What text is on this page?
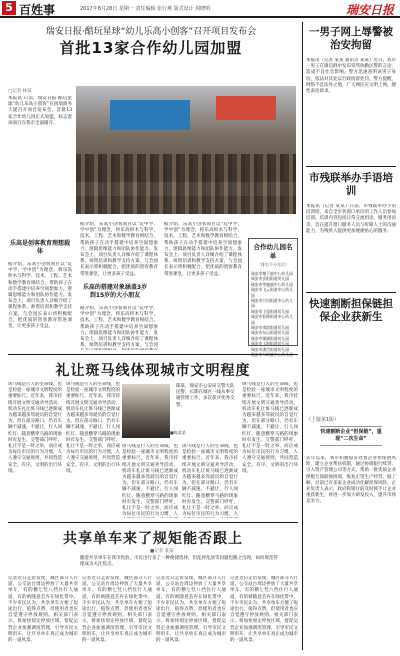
5 百姓事	2017年8月28日 星期一 责任编辑 张行燕 版式设计 周晓明	瑞安日报
瑞安日报·酷玩星球“幼儿乐高小创客”召开项目发布会
首批13家合作幼儿园加盟
□记者 林某
本报讯 日前，瑞安日报·酷玩星球“幼儿乐高小创客”在国瑞商务大厦召开项目发布会，首批13家合作幼儿园正式加盟，标志着该项目在我市全面铺开。
乐高是创客教育理想载体
据介绍，乐高小创客项目以“玩中学、学中创”为理念，将乐高积木与科学、技术、工程、艺术和数学教育相结合，帮助孩子在动手搭建中培养空间想象力、逻辑思维能力和团队协作能力。发布会上，项目负责人详细介绍了课程体系、师资培训和教学支持方案，与会园长表示将积极配合，把优质的创客教育带进课堂，让更多孩子受益。
据介绍，乐高小创客项目以“玩中学、学中创”为理念，将乐高积木与科学、技术、工程、艺术和数学教育相结合，帮助孩子在动手搭建中培养空间想象力、逻辑思维能力和团队协作能力。发布会上，项目负责人详细介绍了课程体系、师资培训和教学支持方案，与会园长表示将积极配合，把优质的创客教育带进课堂，让更多孩子受益。
乐高的搭建对象涵盖3岁到15岁的大小朋友
据介绍，乐高小创客项目以“玩中学、学中创”为理念，将乐高积木与科学、技术、工程、艺术和数学教育相结合，帮助孩子在动手搭建中培养空间想象力、逻辑思维能力和团队协作能力。发布会上，项目负责人详细介绍了课程体系、师资培训和教学支持方案，与会园
据介绍，乐高小创客项目以“玩中学、学中创”为理念，将乐高积木与科学、技术、工程、艺术和数学教育相结合，帮助孩子在动手搭建中培养空间想象力、逻辑思维能力和团队协作能力。发布会上，项目负责人详细介绍了课程体系、师资培训和教学支持方案，与会园长表示将积极配合，把优质的创客教育带进课堂，让更多孩子受益。
合作幼儿园名单
（排名不分先后）
瑞安市塘下镇中心幼儿园
瑞安市安阳街道幼儿园
瑞安市莘塍镇中心幼儿园
瑞安市飞云街道中心幼儿园
瑞安市汀田街道中心幼儿园
瑞安市上望街道幼儿园
瑞安市仙降街道中心幼儿园
瑞安市南滨街道幼儿园
瑞安市东山街道幼儿园
瑞安市锦湖街道幼儿园
瑞安市玉海街道幼儿园
瑞安市潘岱街道幼儿园
礼让斑马线体现城市文明程度
斑马线是行人的生命线，也是检验一座城市文明程度的重要标尺。近年来，我市持续开展文明交通劝导活动，机动车礼让斑马线已逐渐成为越来越多驾驶员的自觉行为。但在部分路口，仍有车辆不减速、不避让，行人闯红灯、随意横穿马路的现象时有发生。交警部门呼吁，礼让不是一时之举，而应成为每位市民的行为习惯，人人遵守交通规则，共同营造安全、有序、文明的出行环境。
斑马线是行人的生命线，也是检验一座城市文明程度的重要标尺。近年来，我市持续开展文明交通劝导活动，机动车礼让斑马线已逐渐成为越来越多驾驶员的自觉行为。但在部分路口，仍有车辆不减速、不避让，行人闯红灯、随意横穿马路的现象时有发生。交警部门呼吁，礼让不是一时之举，而应成为每位市民的行为习惯，人人遵守交通规则，共同营造安全、有序、文明的出行环境。
■陈某某
陈某，瑞安市公安局交警大队民警，长期在城区一线从事交通管理工作，多次获评优秀交警。
斑马线是行人的生命线，也是检验一座城市文明程度的重要标尺。近年来，我市持续开展文明交通劝导活动，机动车礼让斑马线已逐渐成为越来越多驾驶员的自觉行为。但在部分路口，仍有车辆不减速、不避让，行人闯红灯、随意横穿马路的现象时有发生。交警部门呼吁，礼让不是一时之举，而应成为每位市民的行为习惯，人
斑马线是行人的生命线，也是检验一座城市文明程度的重要标尺。近年来，我市持续开展文明交通劝导活动，机动车礼让斑马线已逐渐成为越来越多驾驶员的自觉行为。但在部分路口，仍有车辆不减速、不避让，行人闯红灯、随意横穿马路的现象时有发生。交警部门呼吁，礼让不是一时之举，而应成为每位市民的行为习惯，人
斑马线是行人的生命线，也是检验一座城市文明程度的重要标尺。近年来，我市持续开展文明交通劝导活动，机动车礼让斑马线已逐渐成为越来越多驾驶员的自觉行为。但在部分路口，仍有车辆不减速、不避让，行人闯红灯、随意横穿马路的现象时有发生。交警部门呼吁，礼让不是一时之举，而应成为每位市民的行为习惯，人人遵守交通规则，共同营造安全、有序、文明的出行环境。
共享单车来了规矩能否跟上
■记者 某某
随着共享单车在我市投放，市民出行多了一种便捷选择，但乱停乱放等问题也随之出现，如何规范管理成为关注焦点。
记者近日走访发现，城区部分人行道、公交站台周边停放了大量共享单车，有的横七竖八挡住行人通道，有的被随意丢弃在绿化带中。不少市民认为，共享单车方便了短途出行，值得点赞，但使用者也应自觉遵守停放规则。相关部门表示，将加快划定停放区域，督促运营企业加强调度管理，引导市民文明用车，让共享单车真正成为城市的一道风景。
记者近日走访发现，城区部分人行道、公交站台周边停放了大量共享单车，有的横七竖八挡住行人通道，有的被随意丢弃在绿化带中。不少市民认为，共享单车方便了短途出行，值得点赞，但使用者也应自觉遵守停放规则。相关部门表示，将加快划定停放区域，督促运营企业加强调度管理，引导市民文明用车，让共享单车真正成为城市的一道风景。
记者近日走访发现，城区部分人行道、公交站台周边停放了大量共享单车，有的横七竖八挡住行人通道，有的被随意丢弃在绿化带中。不少市民认为，共享单车方便了短途出行，值得点赞，但使用者也应自觉遵守停放规则。相关部门表示，将加快划定停放区域，督促运营企业加强调度管理，引导市民文明用车，让共享单车真正成为城市的一道风景。
记者近日走访发现，城区部分人行道、公交站台周边停放了大量共享单车，有的横七竖八挡住行人通道，有的被随意丢弃在绿化带中。不少市民认为，共享单车方便了短途出行，值得点赞，但使用者也应自觉遵守停放规则。相关部门表示，将加快划定停放区域，督促运营企业加强调度管理，引导市民文明用车，让共享单车真正成为城市的一道风景。
一男子网上辱警被治安拘留
本报讯（记者 某某 通讯员 某某）近日，我市一男子在微信群中发布辱骂执勤民警的言论，造成不良社会影响。警方迅速查明该男子身份，依法对其处以行政拘留处罚。警方提醒，网络不是法外之地，广大网民应文明上网，理性表达诉求。
市残联举办手语培训
本报讯（记者 某某）日前，市残联举办手语培训班，来自全市各窗口单位的工作人员参加培训。培训内容包括日常交流用语、服务用语等，旨在提升窗口服务人员与听障人士的沟通能力，为残疾人提供更加便捷贴心的服务。
快速割断担保链担保企业获新生
（上接第1版）
快速割断企业“担保链”，重现“二次生命”
去年以来，我市积极稳妥处置企业担保链风险，建立企业帮扶机制，通过协调银行续贷、引入资产管理公司等方式，帮助一批优质企业摆脱互保联保困境，恢复正常生产经营。据了解，目前已有多家企业成功化解担保风险，企业负责人表示，政府和银行的及时援手让企业重获新生，将进一步加大研发投入，提升市场竞争力。
